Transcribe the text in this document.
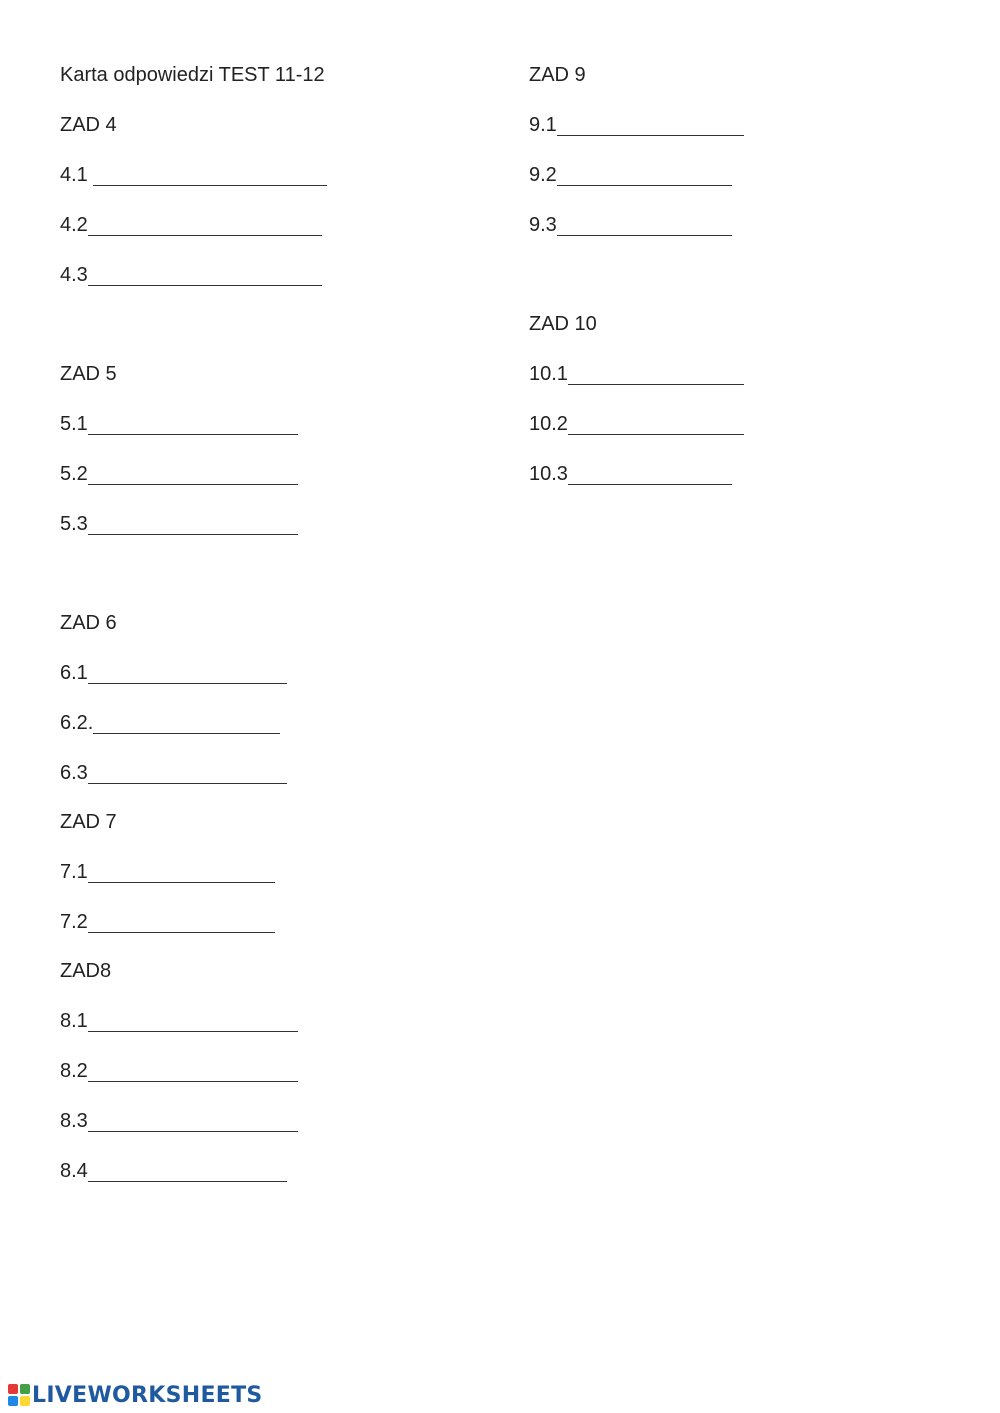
Karta odpowiedzi TEST 11-12
ZAD 4
4.1
4.2
4.3
ZAD 5
5.1
5.2
5.3
ZAD 6
6.1
6.2.
6.3
ZAD 7
7.1
7.2
ZAD8
8.1
8.2
8.3
8.4
ZAD 9
9.1
9.2
9.3
ZAD 10
10.1
10.2
10.3
LIVEWORKSHEETS
